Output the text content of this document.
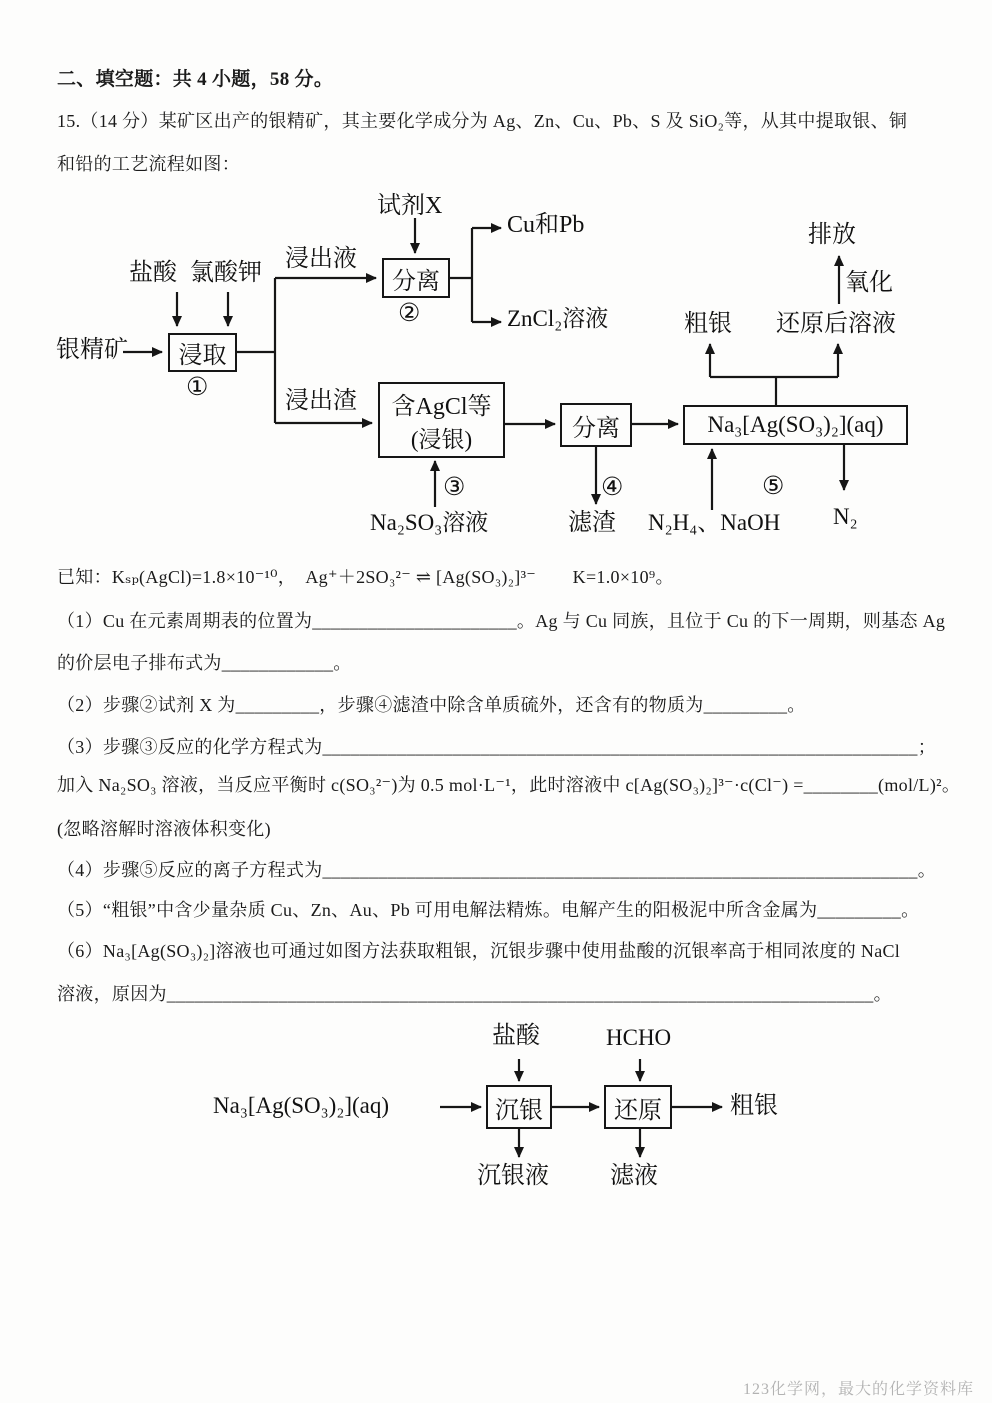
二、填空题：共 4 小题，58 分。
15.（14 分）某矿区出产的银精矿，其主要化学成分为 Ag、Zn、Cu、Pb、S 及 SiO₂等，从其中提取银、铜
和铅的工艺流程如图：
试剂X
Cu和Pb	排放
浸出液
盐酸 氯酸钾	氧化
②	ZnCl₂溶液	粗银 还原后溶液
银精矿
①	浸出渣
③	④	⑤
Na₂SO₃溶液	滤渣 N₂H₄、NaOH N₂
浸取
分离
含AgCl等
(浸银)	分离	Na₃[Ag(SO₃)₂](aq)
已知：Kₛₚ(AgCl)=1.8×10⁻¹⁰，　Ag⁺＋2SO₃²⁻ ⇌ [Ag(SO₃)₂]³⁻　　K=1.0×10⁹。
（1）Cu 在元素周期表的位置为______________________。Ag 与 Cu 同族，且位于 Cu 的下一周期，则基态 Ag
的价层电子排布式为____________。
（2）步骤②试剂 X 为_________，步骤④滤渣中除含单质硫外，还含有的物质为_________。
（3）步骤③反应的化学方程式为________________________________________________________________；
加入 Na₂SO₃ 溶液，当反应平衡时 c(SO₃²⁻)为 0.5 mol·L⁻¹，此时溶液中 c[Ag(SO₃)₂]³⁻·c(Cl⁻) =________(mol/L)²。
(忽略溶解时溶液体积变化)
（4）步骤⑤反应的离子方程式为________________________________________________________________。
（5）“粗银”中含少量杂质 Cu、Zn、Au、Pb 可用电解法精炼。电解产生的阳极泥中所含金属为_________。
（6）Na₃[Ag(SO₃)₂]溶液也可通过如图方法获取粗银，沉银步骤中使用盐酸的沉银率高于相同浓度的 NaCl
溶液，原因为____________________________________________________________________________。
盐酸	HCHO
Na₃[Ag(SO₃)₂](aq)	粗银
沉银液	滤液
沉银	还原
123化学网，最大的化学资料库
